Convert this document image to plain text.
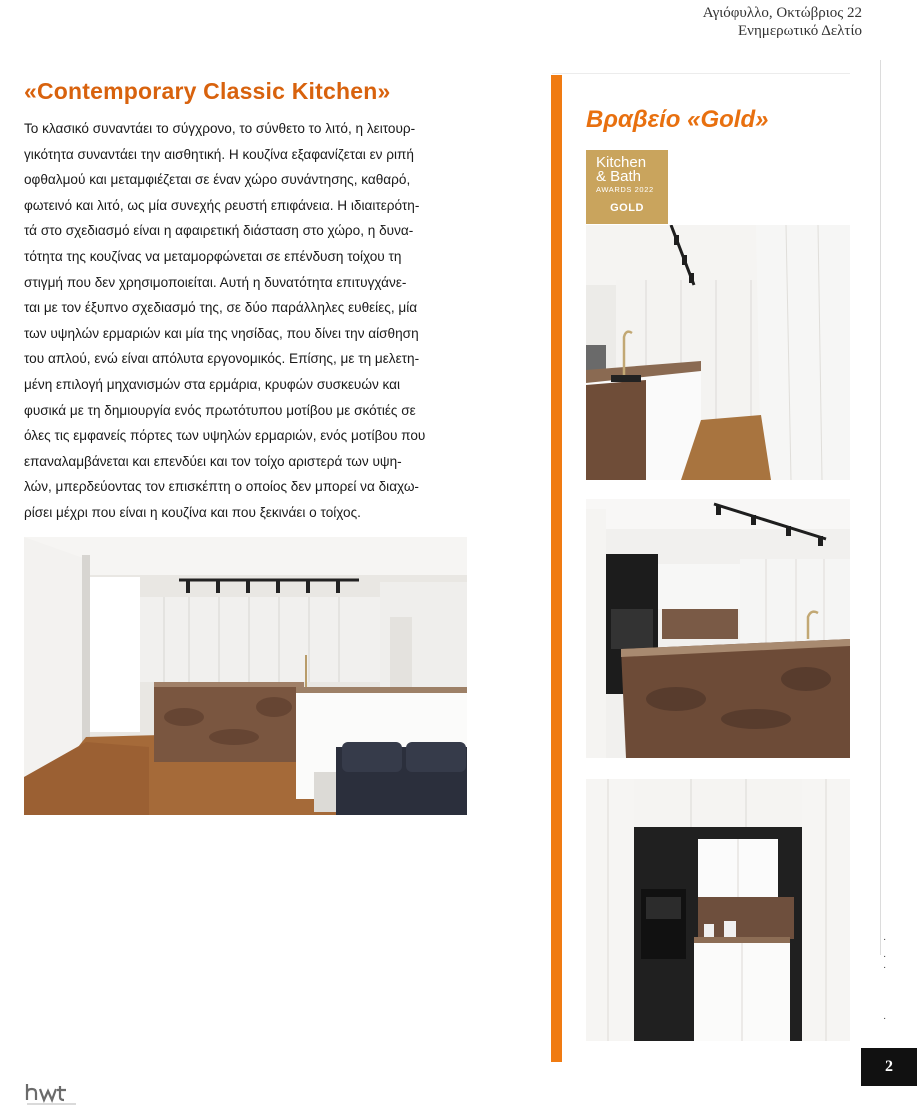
Αγιόφυλλο, Οκτώβριος 22
Ενημερωτικό Δελτίο
«Contemporary Classic Kitchen»
Το κλασικό συναντάει το σύγχρονο, το σύνθετο το λιτό, η λειτουρ-
γικότητα συναντάει την αισθητική. Η κουζίνα εξαφανίζεται εν ριπή
οφθαλμού και μεταμφιέζεται σε έναν χώρο συνάντησης, καθαρό,
φωτεινό και λιτό, ως μία συνεχής ρευστή επιφάνεια. Η ιδιαιτερότη-
τά στο σχεδιασμό είναι η αφαιρετική διάσταση στο χώρο, η δυνα-
τότητα της κουζίνας να μεταμορφώνεται σε επένδυση τοίχου τη
στιγμή που δεν χρησιμοποιείται. Αυτή η δυνατότητα επιτυγχάνε-
ται με τον έξυπνο σχεδιασμό της, σε δύο παράλληλες ευθείες, μία
των υψηλών ερμαριών και μία της νησίδας, που δίνει την αίσθηση
του απλού, ενώ είναι απόλυτα εργονομικός. Επίσης, με τη μελετη-
μένη επιλογή μηχανισμών στα ερμάρια, κρυφών συσκευών και
φυσικά με τη δημιουργία ενός πρωτότυπου μοτίβου με σκότιές σε
όλες τις εμφανείς πόρτες των υψηλών ερμαριών, ενός μοτίβου που
επαναλαμβάνεται και επενδύει και τον τοίχο αριστερά των υψη-
λών, μπερδεύοντας τον επισκέπτη ο οποίος δεν μπορεί να διαχω-
ρίσει μέχρι που είναι η κουζίνα και που ξεκινάει ο τοίχος.
Βραβείο «Gold»
Kitchen
& Bath
AWARDS 2022
GOLD
·
·
·
·
2
